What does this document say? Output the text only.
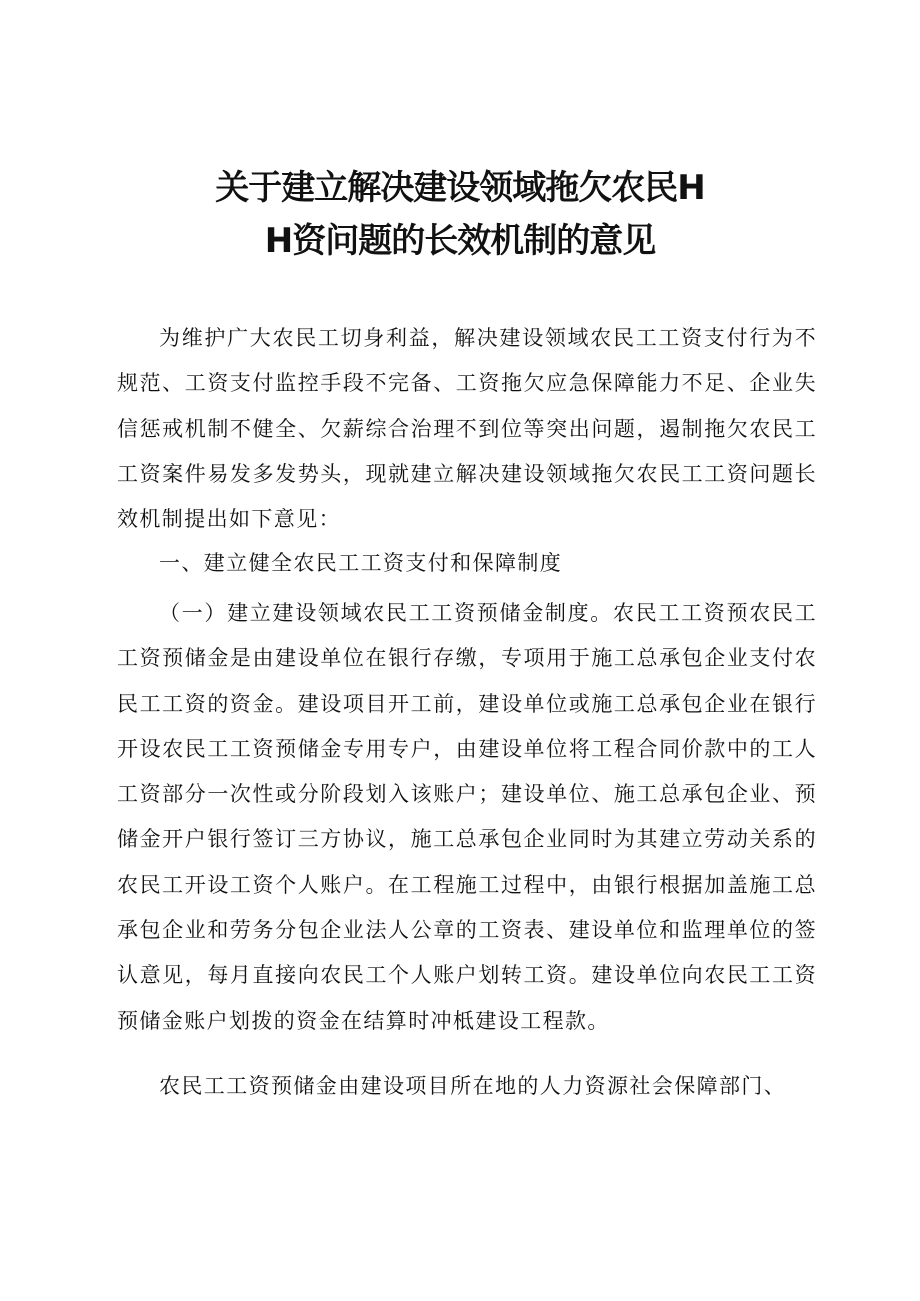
关于建立解决建设领域拖欠农民H
H资问题的长效机制的意见

为维护广大农民工切身利益，解决建设领域农民工工资支付行为不规范、工资支付监控手段不完备、工资拖欠应急保障能力不足、企业失信惩戒机制不健全、欠薪综合治理不到位等突出问题，遏制拖欠农民工工资案件易发多发势头，现就建立解决建设领域拖欠农民工工资问题长效机制提出如下意见：

一、建立健全农民工工资支付和保障制度

（一）建立建设领域农民工工资预储金制度。农民工工资预农民工工资预储金是由建设单位在银行存缴，专项用于施工总承包企业支付农民工工资的资金。建设项目开工前，建设单位或施工总承包企业在银行开设农民工工资预储金专用专户，由建设单位将工程合同价款中的工人工资部分一次性或分阶段划入该账户；建设单位、施工总承包企业、预储金开户银行签订三方协议，施工总承包企业同时为其建立劳动关系的农民工开设工资个人账户。在工程施工过程中，由银行根据加盖施工总承包企业和劳务分包企业法人公章的工资表、建设单位和监理单位的签认意见，每月直接向农民工个人账户划转工资。建设单位向农民工工资预储金账户划拨的资金在结算时冲柢建设工程款。

农民工工资预储金由建设项目所在地的人力资源社会保障部门、
